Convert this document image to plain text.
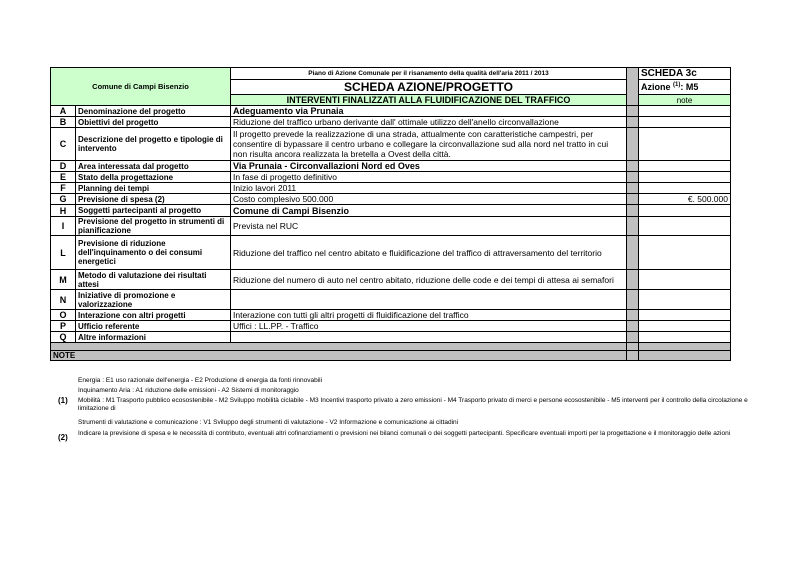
Comune di Campi Bisenzio		Piano di Azione Comunale per il risanamento della qualità dell'aria 2011 / 2013		SCHEDA 3c
		SCHEDA AZIONE/PROGETTO		Azione $^{(1)}$: M5
		INTERVENTI FINALIZZATI ALLA FLUIDIFICAZIONE DEL TRAFFICO		note
A	Denominazione del progetto	Adeguamento via Prunaia		
B	Obiettivi del progetto	Riduzione del traffico urbano derivante dall' ottimale utilizzo dell'anello circonvallazione		
C	Descrizione del progetto e tipologie di intervento	Il progetto prevede la realizzazione di una strada, attualmente con caratteristiche campestri, per consentire di bypassare il centro urbano e collegare la circonvallazione sud alla nord nel tratto in cui non risulta ancora realizzata la bretella a Ovest della città.		
D	Area interessata dal progetto	Via Prunaia - Circonvallazioni Nord ed Oves		
E	Stato della progettazione	In fase di progetto definitivo		
F	Planning dei tempi	Inizio lavori 2011		
G	Previsione di spesa (2)	Costo complesivo 500.000		€. 500.000
H	Soggetti partecipanti al progetto	Comune di Campi Bisenzio		
I	Previsione del progetto in strumenti di pianificazione	Prevista nel RUC		
L	Previsione di riduzione dell'inquinamento o dei consumi energetici	Riduzione del traffico nel centro abitato e fluidificazione del traffico di attraversamento del territorio		
M	Metodo di valutazione dei risultati attesi	Riduzione del numero di auto nel centro abitato, riduzione delle code e dei tempi di attesa ai semafori		
N	Iniziative di promozione e valorizzazione			
O	Interazione con altri progetti	Interazione con tutti gli altri progetti di fluidificazione del traffico		
P	Ufficio referente	Uffici : LL.PP. - Traffico		
Q	Altre informazioni			

NOTE				
(1)
Energia : E1 uso razionale dell'energia - E2 Produzione di energia da fonti rinnovabili
Inquinamento Aria : A1 riduzione delle emissioni - A2 Sistemi di monitoraggio
Mobilità : M1 Trasporto pubblico ecosostenibile - M2 Sviluppo mobilità ciclabile - M3 Incentivi trasporto privato a zero emissioni - M4 Trasporto privato di merci e persone ecosostenibile - M5 interventi per il controllo della circolazione e limitazione di
Strumenti di valutazione e comunicazione : V1 Sviluppo degli strumenti di valutazione - V2 Informazione e comunicazione ai cittadini
(2) Indicare la previsione di spesa e le necessità di contributo, eventuali altri cofinanziamenti o previsioni nei bilanci comunali o dei soggetti partecipanti. Specificare eventuali importi per la progettazione e il monitoraggio delle azioni
